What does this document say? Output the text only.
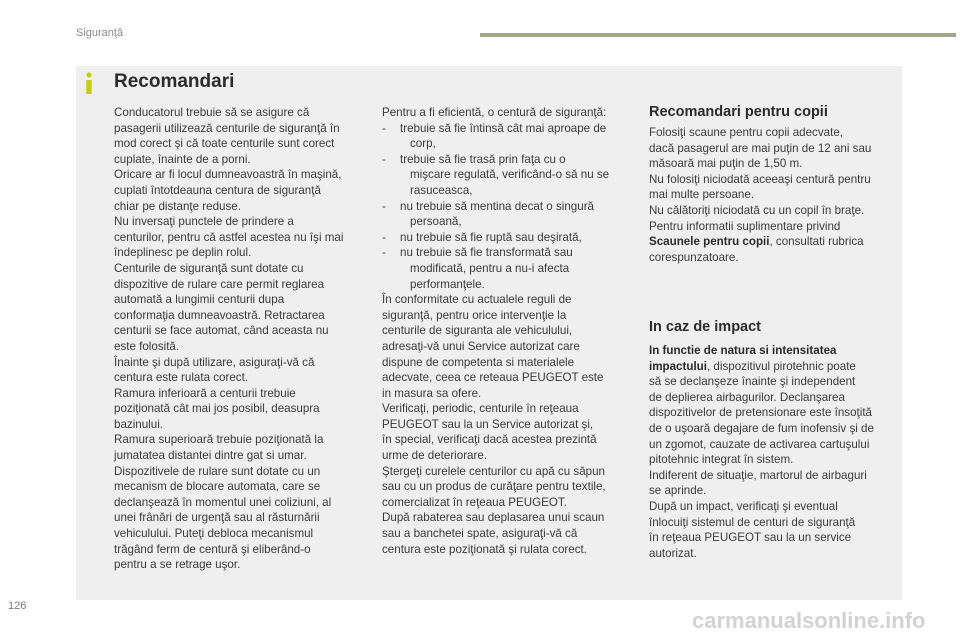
Siguranţă
Recomandari

Conducatorul trebuie să se asigure că

pasagerii utilizează centurile de siguranţă în

mod corect şi că toate centurile sunt corect

cuplate, înainte de a porni.

Oricare ar fi locul dumneavoastră în maşină,

cuplati întotdeauna centura de siguranţă

chiar pe distanţe reduse.

Nu inversaţi punctele de prindere a

centurilor, pentru că astfel acestea nu îşi mai

îndeplinesc pe deplin rolul.

Centurile de siguranţă sunt dotate cu

dispozitive de rulare care permit reglarea

automată a lungimii centurii dupa

conformaţia dumneavoastră. Retractarea

centurii se face automat, când aceasta nu

este folosită.

Înainte şi după utilizare, asiguraţi-vă că

centura este rulata corect.

Ramura inferioară a centurii trebuie

poziţionată cât mai jos posibil, deasupra

bazinului.

Ramura superioară trebuie poziţionată la

jumatatea distantei dintre gat si umar.

Dispozitivele de rulare sunt dotate cu un

mecanism de blocare automata, care se

declanşează în momentul unei coliziuni, al

unei frânări de urgenţă sau al răsturnării

vehiculului. Puteţi debloca mecanismul

trăgând ferm de centură şi eliberând-o

pentru a se retrage uşor.

Pentru a fi eficientă, o centură de siguranţă:

-	trebuie să fie întinsă cât mai aproape de
corp,
-	trebuie să fie trasă prin faţa cu o
mişcare regulată, verificând-o să nu se
rasuceasca,
-	nu trebuie să mentina decat o singură
persoană,
-	nu trebuie să fie ruptă sau deşirată,
-	nu trebuie să fie transformată sau
modificată, pentru a nu-i afecta
performanţele.

În conformitate cu actualele reguli de

siguranţă, pentru orice intervenţie la

centurile de siguranta ale vehiculului,

adresaţi-vă unui Service autorizat care

dispune de competenta si materialele

adecvate, ceea ce reteaua PEUGEOT este

in masura sa ofere.

Verificaţi, periodic, centurile în reţeaua

PEUGEOT sau la un Service autorizat şi,

în special, verificaţi dacă acestea prezintă

urme de deteriorare.

Ştergeţi curelele centurilor cu apă cu săpun

sau cu un produs de curăţare pentru textile,

comercializat în reţeaua PEUGEOT.

După rabaterea sau deplasarea unui scaun

sau a banchetei spate, asiguraţi-vă că

centura este poziţionată şi rulata corect.

Recomandari pentru copii

Folosiţi scaune pentru copii adecvate,

dacă pasagerul are mai puţin de 12 ani sau

măsoară mai puţin de 1,50 m.

Nu folosiţi niciodată aceeaşi centură pentru

mai multe persoane.

Nu călătoriţi niciodată cu un copil în braţe.

Pentru informatii suplimentare privind

Scaunele pentru copii, consultati rubrica

corespunzatoare.

In caz de impact

In functie de natura si intensitatea

impactului, dispozitivul pirotehnic poate

să se declanşeze înainte şi independent

de deplierea airbagurilor. Declanşarea

dispozitivelor de pretensionare este însoţită

de o uşoară degajare de fum inofensiv şi de

un zgomot, cauzate de activarea cartuşului

pitotehnic integrat în sistem.

Indiferent de situaţie, martorul de airbaguri

se aprinde.

După un impact, verificaţi şi eventual

înlocuiţi sistemul de centuri de siguranţă

în reţeaua PEUGEOT sau la un service

autorizat.

126
carmanualsonline.info
